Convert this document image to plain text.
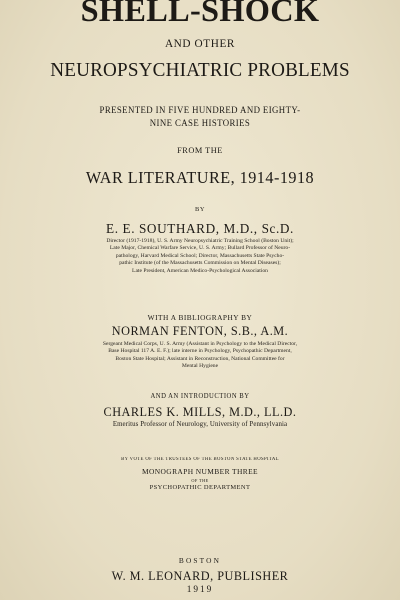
SHELL-SHOCK
AND OTHER
NEUROPSYCHIATRIC PROBLEMS
PRESENTED IN FIVE HUNDRED AND EIGHTY-
NINE CASE HISTORIES
FROM THE
WAR LITERATURE, 1914-1918
BY
E. E. SOUTHARD, M.D., Sc.D.
Director (1917-1918), U. S. Army Neuropsychiatric Training School (Boston Unit);
Late Major, Chemical Warfare Service, U. S. Army; Bullard Professor of Neuro-
pathology, Harvard Medical School; Director, Massachusetts State Psycho-
pathic Institute (of the Massachusetts Commission on Mental Diseases);
Late President, American Medico-Psychological Association
WITH A BIBLIOGRAPHY BY
NORMAN FENTON, S.B., A.M.
Sergeant Medical Corps, U. S. Army (Assistant in Psychology to the Medical Director,
Base Hospital 117 A. E. F.); late interne in Psychology, Psychopathic Department,
Boston State Hospital; Assistant in Reconstruction, National Committee for
Mental Hygiene
AND AN INTRODUCTION BY
CHARLES K. MILLS, M.D., LL.D.
Emeritus Professor of Neurology, University of Pennsylvania
BY VOTE OF THE TRUSTEES OF THE BOSTON STATE HOSPITAL
MONOGRAPH NUMBER THREE
OF THE
PSYCHOPATHIC DEPARTMENT
BOSTON
W. M. LEONARD, PUBLISHER
1919
